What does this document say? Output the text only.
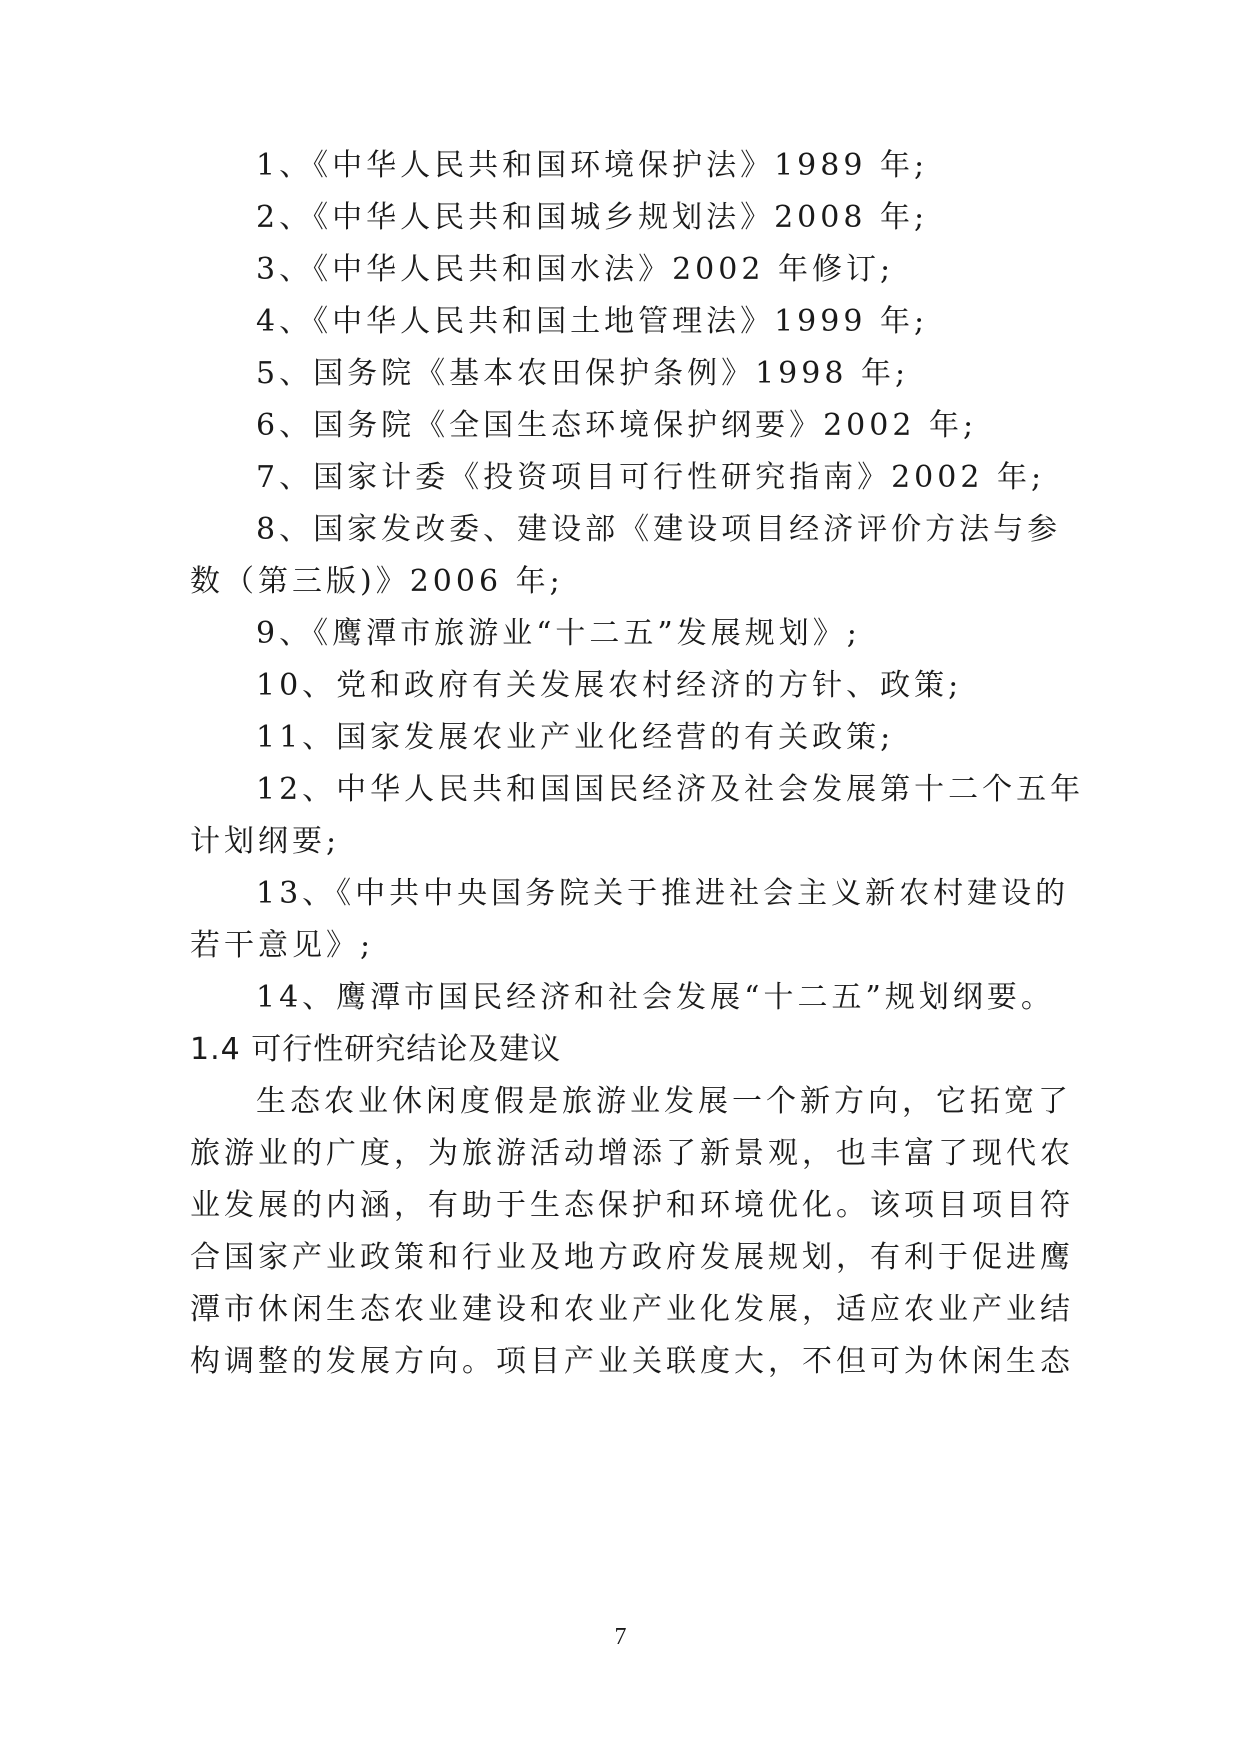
1、《中华人民共和国环境保护法》1989 年;
2、《中华人民共和国城乡规划法》2008 年;
3、《中华人民共和国水法》2002 年修订;
4、《中华人民共和国土地管理法》1999 年;
5、国务院《基本农田保护条例》1998 年;
6、国务院《全国生态环境保护纲要》2002 年;
7、国家计委《投资项目可行性研究指南》2002 年;
8、国家发改委、建设部《建设项目经济评价方法与参
数（第三版)》2006 年;
9、《鹰潭市旅游业“十二五”发展规划》;
10、党和政府有关发展农村经济的方针、政策;
11、国家发展农业产业化经营的有关政策;
12、中华人民共和国国民经济及社会发展第十二个五年
计划纲要;
13、《中共中央国务院关于推进社会主义新农村建设的
若干意见》;
14、鹰潭市国民经济和社会发展“十二五”规划纲要。
1.4 可行性研究结论及建议
生态农业休闲度假是旅游业发展一个新方向，它拓宽了
旅游业的广度，为旅游活动增添了新景观，也丰富了现代农
业发展的内涵，有助于生态保护和环境优化。该项目项目符
合国家产业政策和行业及地方政府发展规划，有利于促进鹰
潭市休闲生态农业建设和农业产业化发展，适应农业产业结
构调整的发展方向。项目产业关联度大，不但可为休闲生态
7
